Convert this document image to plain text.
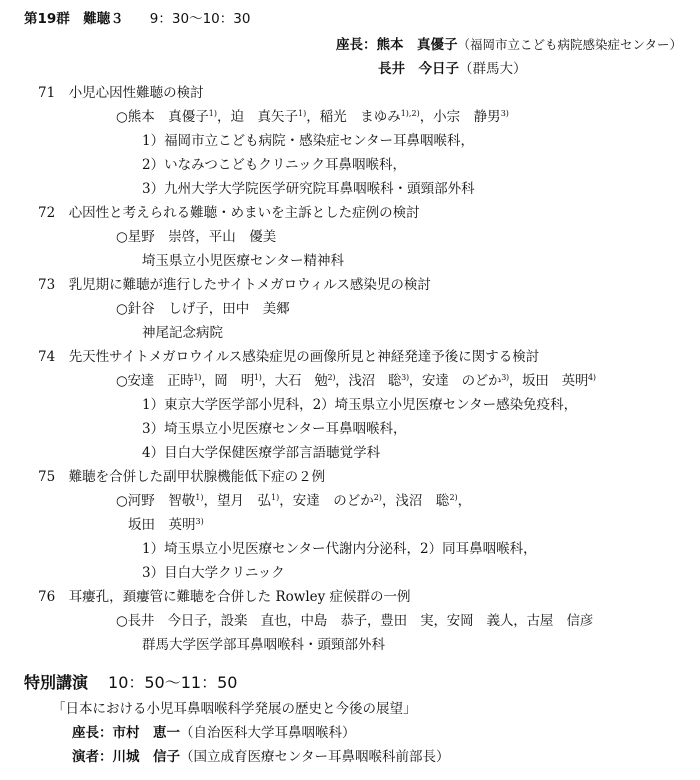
第19群　難聴３ 9：30〜10：30
座長：熊本　真優子（福岡市立こども病院感染症センター）
長井　今日子（群馬大）
71　 小児心因性難聴の検討
○熊本　真優子$^{1)}$，迫　真矢子$^{1)}$，稲光　まゆみ$^{1),2)}$，小宗　静男$^{3)}$
1）福岡市立こども病院・感染症センター耳鼻咽喉科，
2）いなみつこどもクリニック耳鼻咽喉科，
3）九州大学大学院医学研究院耳鼻咽喉科・頭頸部外科
72　 心因性と考えられる難聴・めまいを主訴とした症例の検討
○星野　崇啓，平山　優美
埼玉県立小児医療センター精神科
73　 乳児期に難聴が進行したサイトメガロウィルス感染児の検討
○針谷　しげ子，田中　美郷
神尾記念病院
74　 先天性サイトメガロウイルス感染症児の画像所見と神経発達予後に関する検討
○安達　正時$^{1)}$，岡　明$^{1)}$，大石　勉$^{2)}$，浅沼　聡$^{3)}$，安達　のどか$^{3)}$，坂田　英明$^{4)}$
1）東京大学医学部小児科，2）埼玉県立小児医療センター感染免疫科，
3）埼玉県立小児医療センター耳鼻咽喉科，
4）目白大学保健医療学部言語聴覚学科
75　 難聴を合併した副甲状腺機能低下症の２例
○河野　智敬$^{1)}$，望月　弘$^{1)}$，安達　のどか$^{2)}$，浅沼　聡$^{2)}$，
坂田　英明$^{3)}$
1）埼玉県立小児医療センター代謝内分泌科，2）同耳鼻咽喉科，
3）目白大学クリニック
76　 耳瘻孔，頚瘻管に難聴を合併した Rowley 症候群の一例
○長井　今日子，設楽　直也，中島　恭子，豊田　実，安岡　義人，古屋　信彦
群馬大学医学部耳鼻咽喉科・頭頸部外科
特別講演 10：50〜11：50
「日本における小児耳鼻咽喉科学発展の歴史と今後の展望」
座長：市村　恵一（自治医科大学耳鼻咽喉科）
演者：川城　信子（国立成育医療センター耳鼻咽喉科前部長）
